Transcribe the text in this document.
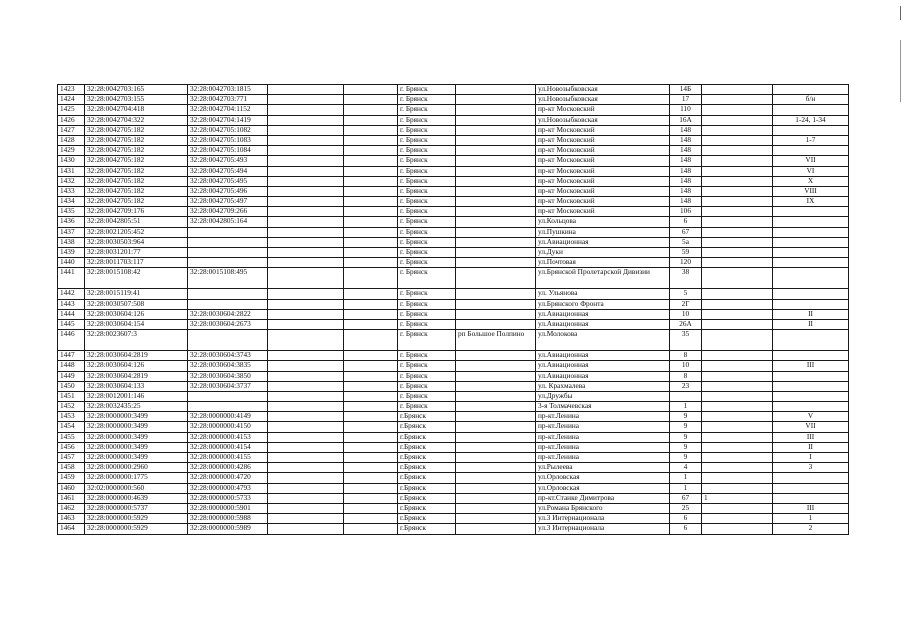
1423	32:28:0042703:165	32:28:0042703:1815			г. Брянск		ул.Новозыбковская	14Б		
1424	32:28:0042703:155	32:28:0042703:771			г. Брянск		ул.Новозыбковская	17		б/н
1425	32:28:0042704:418	32:28:0042704:1152			г. Брянск		пр-кт Московский	110		
1426	32:28:0042704:322	32:28:0042704:1419			г. Брянск		ул.Новозыбковская	16А		1-24, 1-34
1427	32:28:0042705:182	32:28:0042705:1082			г. Брянск		пр-кт Московский	148		
1428	32:28:0042705:182	32:28:0042705:1083			г. Брянск		пр-кт Московский	148		1-7
1429	32:28:0042705:182	32:28:0042705:1084			г. Брянск		пр-кт Московский	148		
1430	32:28:0042705:182	32:28:0042705:493			г. Брянск		пр-кт Московский	148		VII
1431	32:28:0042705:182	32:28:0042705:494			г. Брянск		пр-кт Московский	148		VI
1432	32:28:0042705:182	32:28:0042705:495			г. Брянск		пр-кт Московский	148		X
1433	32:28:0042705:182	32:28:0042705:496			г. Брянск		пр-кт Московский	148		VIII
1434	32:28:0042705:182	32:28:0042705:497			г. Брянск		пр-кт Московский	148		IX
1435	32:28:0042709:176	32:28:0042709:266			г. Брянск		пр-кт Московский	106		
1436	32:28:0042805:51	32:28:0042805:164			г. Брянск		ул.Кольцова	6		
1437	32:28:0021205:452				г. Брянск		ул.Пушкина	67		
1438	32:28:0030503:964				г. Брянск		ул.Авиационная	5а		
1439	32:28:0031201:77				г. Брянск		ул.Дуки	59		
1440	32:28:0011703:117				г. Брянск		ул.Почтовая	120		
1441	32:28:0015108:42	32:28:0015108:495			г. Брянск		ул.Брянской Пролетарской Дивизии	38		
1442	32:28:0015119:41				г. Брянск		ул. Ульянова	5		
1443	32:28:0030507:508				г. Брянск		ул.Брянского Фронта	2Г		
1444	32:28:0030604:126	32:28:0030604:2822			г. Брянск		ул.Авиационная	10		II
1445	32:28:0030604:154	32:28:0030604:2673			г. Брянск		ул.Авиационная	26А		II
1446	32:28:0023607:3				г. Брянск	рп Большое Полпино	ул.Молокова	35		
1447	32:28:0030604:2819	32:28:0030604:3743			г. Брянск		ул.Авиационная	8		
1448	32:28:0030604:126	32:28:0030604:3835			г. Брянск		ул.Авиационная	10		III
1449	32:28:0030604:2819	32:28:0030604:3850			г. Брянск		ул.Авиационная	8		
1450	32:28:0030604:133	32:28:0030604:3737			г. Брянск		ул. Крахмалева	23		
1451	32:28:0012001:146				г. Брянск		ул.Дружбы			
1452	32:28:0032435:25				г. Брянск		3-я Толмачевская	1		
1453	32:28:0000000:3499	32:28:0000000:4149			г.Брянск		пр-кт.Ленина	9		V
1454	32:28:0000000:3499	32:28:0000000:4150			г.Брянск		пр-кт.Ленина	9		VII
1455	32:28:0000000:3499	32:28:0000000:4153			г.Брянск		пр-кт.Ленина	9		III
1456	32:28:0000000:3499	32:28:0000000:4154			г.Брянск		пр-кт.Ленина	9		II
1457	32:28:0000000:3499	32:28:0000000:4155			г.Брянск		пр-кт.Ленина	9		I
1458	32:28:0000000:2960	32:28:0000000:4286			г.Брянск		ул.Рылеева	4		3
1459	32:28:0000000:1775	32:28:0000000:4720			г.Брянск		ул.Орловская	1		
1460	32:02:0000000:560	32:28:0000000:4793			г.Брянск		ул.Орловская	1		
1461	32:28:0000000:4639	32:28:0000000:5733			г.Брянск		пр-кт.Станке Димитрова	67	1	
1462	32:28:0000000:5737	32:28:0000000:5901			г.Брянск		ул.Романа Брянского	25		III
1463	32:28:0000000:5929	32:28:0000000:5988			г.Брянск		ул.3 Интернационала	6		1
1464	32:28:0000000:5929	32:28:0000000:5989			г.Брянск		ул.3 Интернационала	6		2
